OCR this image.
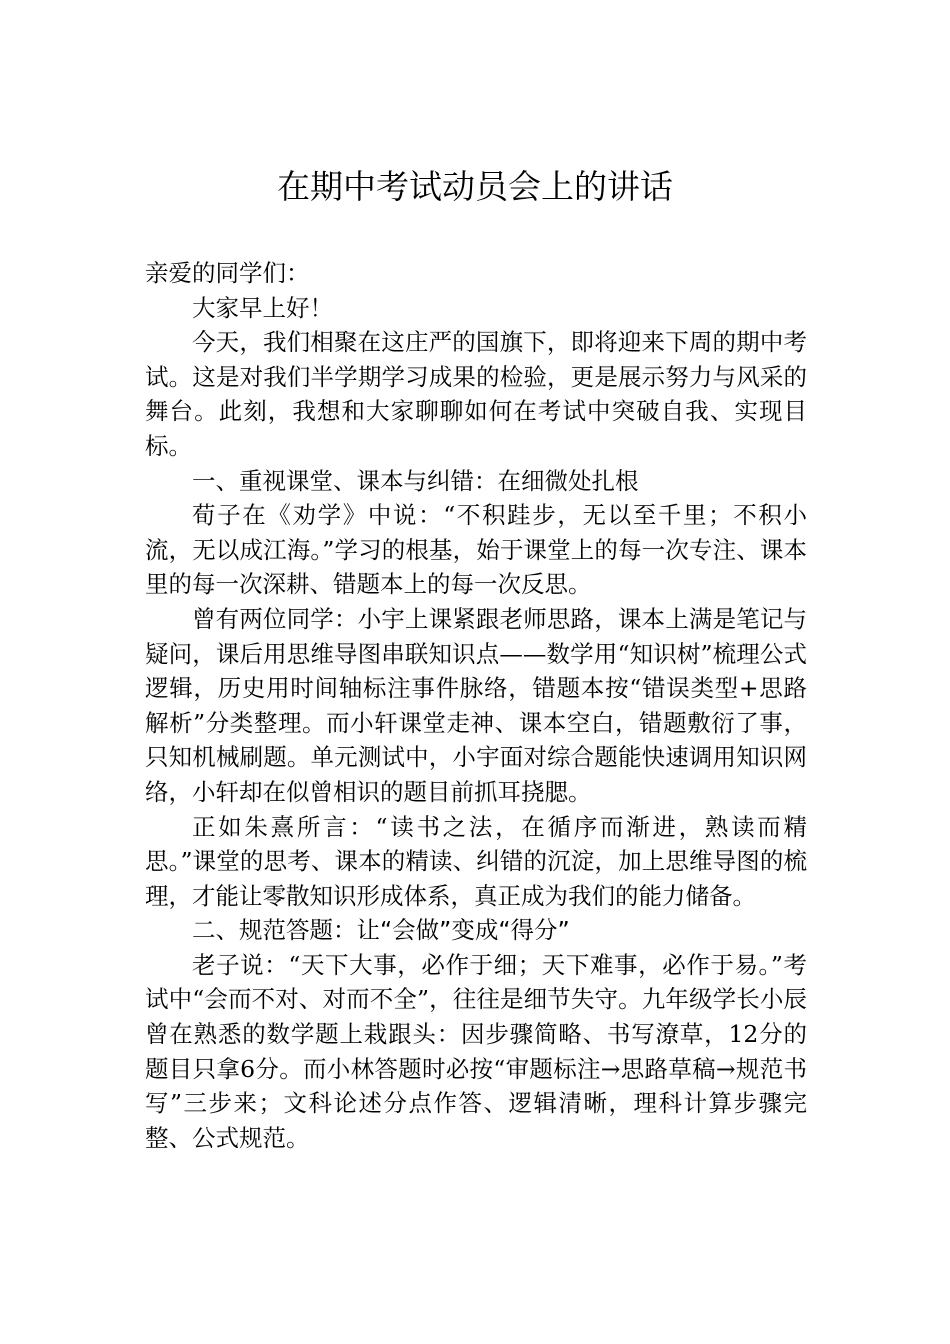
在期中考试动员会上的讲话

亲爱的同学们：

大家早上好！

今天，我们相聚在这庄严的国旗下，即将迎来下周的期中考试。这是对我们半学期学习成果的检验，更是展示努力与风采的舞台。此刻，我想和大家聊聊如何在考试中突破自我、实现目标。

一、重视课堂、课本与纠错：在细微处扎根

荀子在《劝学》中说：“不积跬步，无以至千里；不积小流，无以成江海。”学习的根基，始于课堂上的每一次专注、课本里的每一次深耕、错题本上的每一次反思。

曾有两位同学：小宇上课紧跟老师思路，课本上满是笔记与疑问，课后用思维导图串联知识点——数学用“知识树”梳理公式逻辑，历史用时间轴标注事件脉络，错题本按“错误类型+思路解析”分类整理。而小轩课堂走神、课本空白，错题敷衍了事，只知机械刷题。单元测试中，小宇面对综合题能快速调用知识网络，小轩却在似曾相识的题目前抓耳挠腮。

正如朱熹所言：“读书之法，在循序而渐进，熟读而精思。”课堂的思考、课本的精读、纠错的沉淀，加上思维导图的梳理，才能让零散知识形成体系，真正成为我们的能力储备。

二、规范答题：让“会做”变成“得分”

老子说：“天下大事，必作于细；天下难事，必作于易。”考试中“会而不对、对而不全”，往往是细节失守。九年级学长小辰曾在熟悉的数学题上栽跟头：因步骤简略、书写潦草，12分的题目只拿6分。而小林答题时必按“审题标注→思路草稿→规范书写”三步来；文科论述分点作答、逻辑清晰，理科计算步骤完整、公式规范。
